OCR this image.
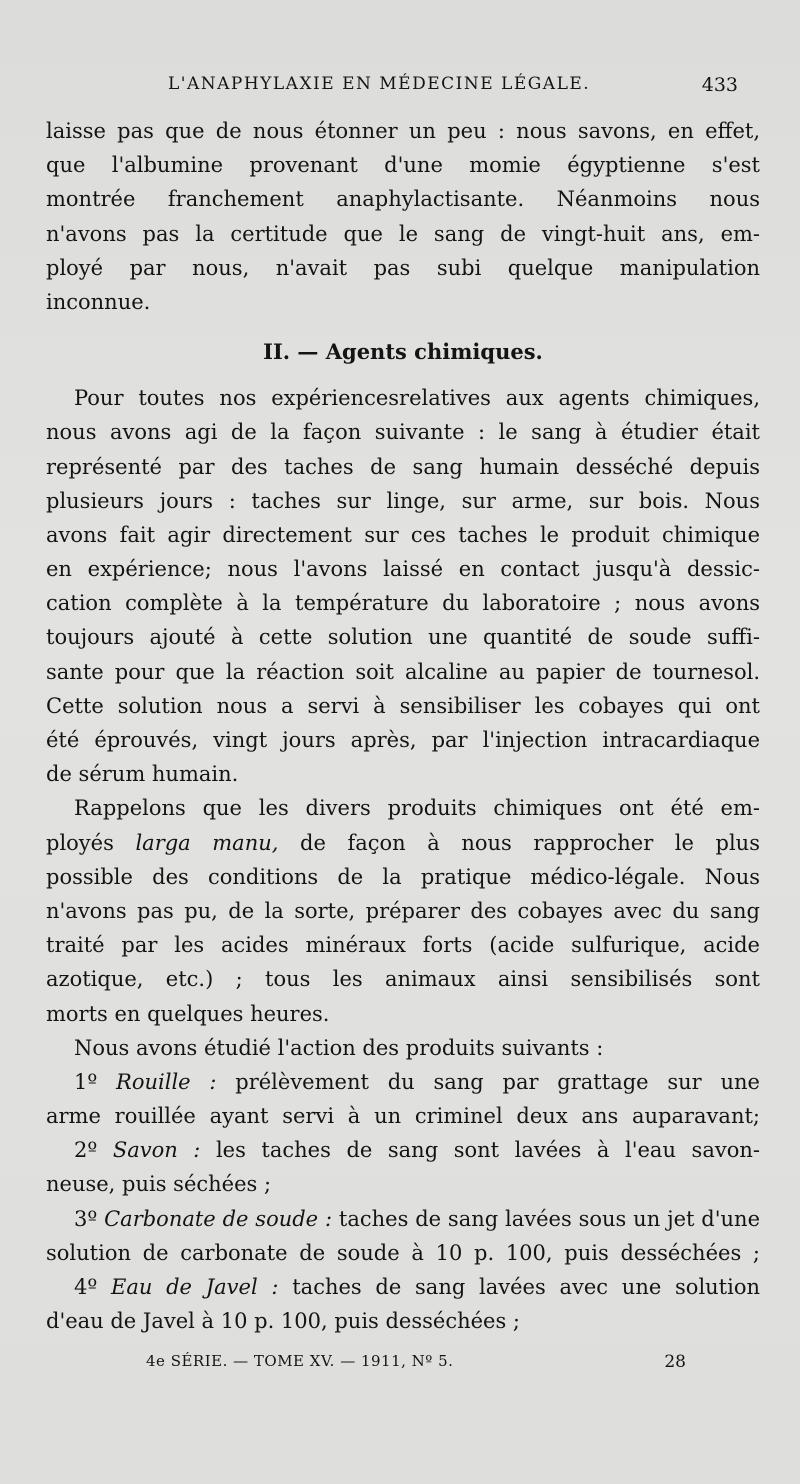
L'ANAPHYLAXIE EN MÉDECINE LÉGALE.	433
laisse pas que de nous étonner un peu : nous savons, en effet,
que l'albumine provenant d'une momie égyptienne s'est
montrée franchement anaphylactisante. Néanmoins nous
n'avons pas la certitude que le sang de vingt-huit ans, em-
ployé par nous, n'avait pas subi quelque manipulation
inconnue.
II. — Agents chimiques.
Pour toutes nos expériencesrelatives aux agents chimiques,
nous avons agi de la façon suivante : le sang à étudier était
représenté par des taches de sang humain desséché depuis
plusieurs jours : taches sur linge, sur arme, sur bois. Nous
avons fait agir directement sur ces taches le produit chimique
en expérience; nous l'avons laissé en contact jusqu'à dessic-
cation complète à la température du laboratoire ; nous avons
toujours ajouté à cette solution une quantité de soude suffi-
sante pour que la réaction soit alcaline au papier de tournesol.
Cette solution nous a servi à sensibiliser les cobayes qui ont
été éprouvés, vingt jours après, par l'injection intracardiaque
de sérum humain.
Rappelons que les divers produits chimiques ont été em-
ployés larga manu, de façon à nous rapprocher le plus
possible des conditions de la pratique médico-légale. Nous
n'avons pas pu, de la sorte, préparer des cobayes avec du sang
traité par les acides minéraux forts (acide sulfurique, acide
azotique, etc.) ; tous les animaux ainsi sensibilisés sont
morts en quelques heures.
Nous avons étudié l'action des produits suivants :
1º Rouille : prélèvement du sang par grattage sur une
arme rouillée ayant servi à un criminel deux ans auparavant;
2º Savon : les taches de sang sont lavées à l'eau savon-
neuse, puis séchées ;
3º Carbonate de soude : taches de sang lavées sous un jet d'une
solution de carbonate de soude à 10 p. 100, puis desséchées ;
4º Eau de Javel : taches de sang lavées avec une solution
d'eau de Javel à 10 p. 100, puis desséchées ;
4e SÉRIE. — TOME XV. — 1911, Nº 5.	28
